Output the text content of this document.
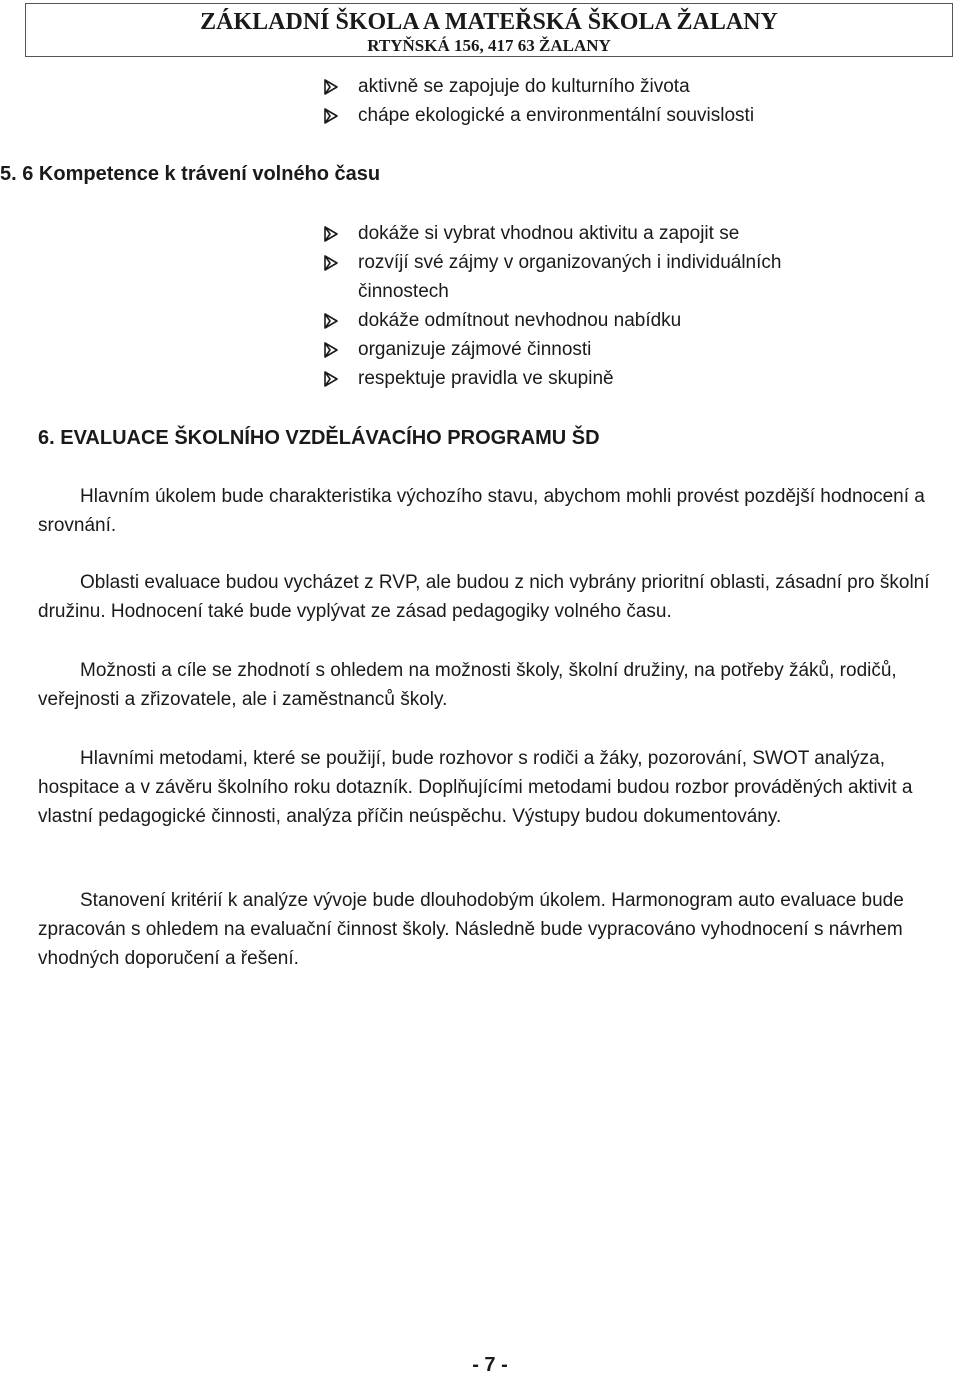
ZÁKLADNÍ ŠKOLA A MATEŘSKÁ ŠKOLA ŽALANY
RTYŇSKÁ 156, 417 63 ŽALANY
aktivně se zapojuje do kulturního života
chápe ekologické a environmentální souvislosti
5. 6 Kompetence k trávení volného času
dokáže si vybrat vhodnou aktivitu a zapojit se
rozvíjí své zájmy v organizovaných i individuálních činnostech
dokáže odmítnout nevhodnou nabídku
organizuje zájmové činnosti
respektuje pravidla ve skupině
6. EVALUACE ŠKOLNÍHO VZDĚLÁVACÍHO PROGRAMU ŠD

Hlavním úkolem bude charakteristika výchozího stavu, abychom mohli provést pozdější hodnocení a srovnání.

Oblasti evaluace budou vycházet z RVP, ale budou z nich vybrány prioritní oblasti, zásadní pro školní družinu. Hodnocení také bude vyplývat ze zásad pedagogiky volného času.

Možnosti a cíle se zhodnotí s ohledem na možnosti školy, školní družiny, na potřeby žáků, rodičů, veřejnosti a zřizovatele, ale i zaměstnanců školy.

Hlavními metodami, které se použijí, bude rozhovor s rodiči a žáky, pozorování, SWOT analýza, hospitace a v závěru školního roku dotazník. Doplňujícími metodami budou rozbor prováděných aktivit a vlastní pedagogické činnosti, analýza příčin neúspěchu. Výstupy budou dokumentovány.

Stanovení kritérií k analýze vývoje bude dlouhodobým úkolem. Harmonogram auto evaluace bude zpracován s ohledem na evaluační činnost školy. Následně bude vypracováno vyhodnocení s návrhem vhodných doporučení a řešení.

- 7 -
